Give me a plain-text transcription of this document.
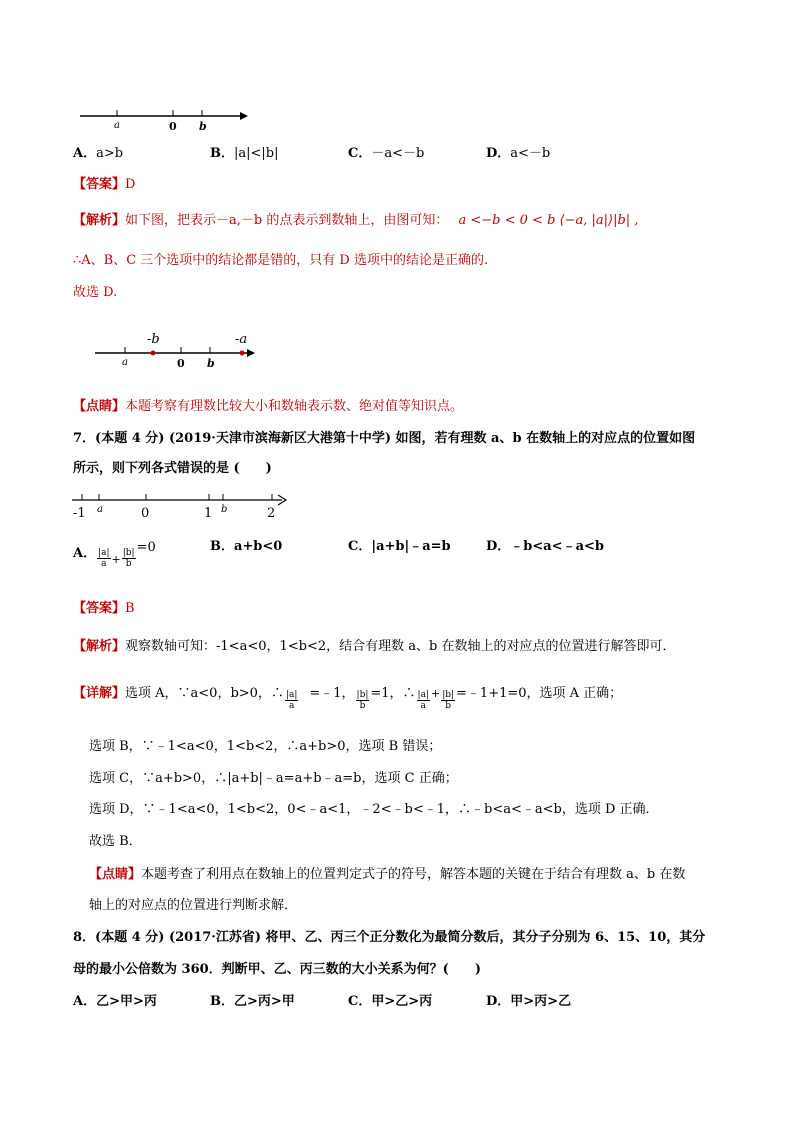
a	0 b
A．a>b	B．|a|<|b|	C．－a<－b	D．a<－b
【答案】D
【解析】如下图，把表示－a,－b 的点表示到数轴上，由图可知： a <−b < 0 < b ⟨−a, |a|⟩|b| ,
∴A、B、C 三个选项中的结论都是错的，只有 D 选项中的结论是正确的.
故选 D.
a
-b
0 b
-a
【点睛】本题考察有理数比较大小和数轴表示数、绝对值等知识点。
7．(本题 4 分) (2019·天津市滨海新区大港第十中学) 如图，若有理数 a、b 在数轴上的对应点的位置如图
所示，则下列各式错误的是 (　　)
-1 a	0	1 b	2
A． $\frac{|a|}{a} _+ \frac{|b|}{b}$
=0	B．a+b<0	C．|a+b|﹣a=b	D．﹣b<a<﹣a<b
【答案】B
【解析】观察数轴可知：-1<a<0，1<b<2，结合有理数 a、b 在数轴上的对应点的位置进行解答即可．
【详解】选项 A，∵a<0，b>0，∴ $\frac{|a|}{a}$ =﹣1， $\frac{|b|}{b} =1$，∴ $\frac{|a|}{a} + \frac{|b|}{b}$ =﹣1+1=0，选项 A 正确；
选项 B，∵﹣1<a<0，1<b<2，∴a+b>0，选项 B 错误；
选项 C，∵a+b>0，∴|a+b|﹣a=a+b﹣a=b，选项 C 正确；
选项 D，∵﹣1<a<0，1<b<2，0<﹣a<1，﹣2<﹣b<﹣1，∴﹣b<a<﹣a<b，选项 D 正确．
故选 B．
【点睛】本题考查了利用点在数轴上的位置判定式子的符号，解答本题的关键在于结合有理数 a、b 在数
轴上的对应点的位置进行判断求解．
8．(本题 4 分) (2017·江苏省) 将甲、乙、丙三个正分数化为最简分数后，其分子分别为 6、15、10，其分
母的最小公倍数为 360．判断甲、乙、丙三数的大小关系为何？(　　)
A．乙>甲>丙	B．乙>丙>甲	C．甲>乙>丙	D．甲>丙>乙
